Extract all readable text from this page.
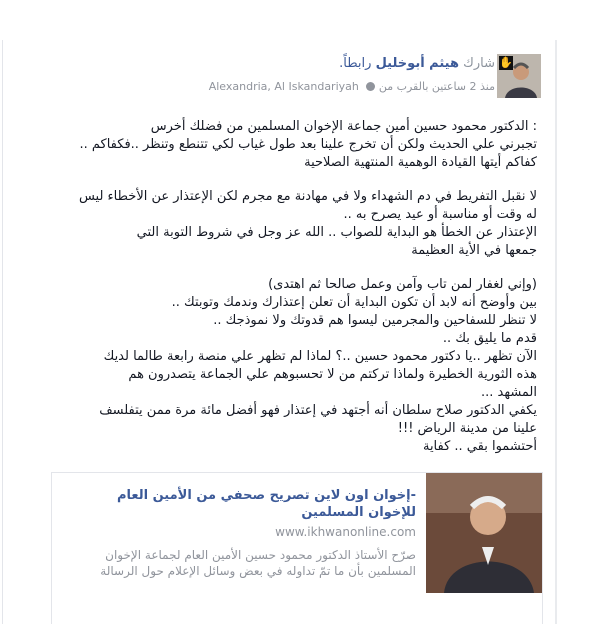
✋
شارك هيثم أبوخليل رابطاً.
منذ 2 ساعتين بالقرب من  Alexandria, Al Iskandariyah

: الدكتور محمود حسين أمين جماعة الإخوان المسلمين من فضلك أخرس
تجبرني علي الحديث ولكن أن تخرج علينا بعد طول غياب لكي تتنطع وتنظر ..فكفاكم ..
كفاكم أيتها القيادة الوهمية المنتهية الصلاحية

لا نقبل التفريط في دم الشهداء ولا في مهادنة مع مجرم لكن الإعتذار عن الأخطاء ليس
له وقت أو مناسبة أو عيد يصرح به ..
الإعتذار عن الخطأ هو البداية للصواب .. الله عز وجل في شروط التوبة التي
جمعها في الأية العظيمة

(وإني لغفار لمن تاب وآمن وعمل صالحا ثم اهتدى)
بين وأوضح أنه لابد أن تكون البداية أن تعلن إعتذارك وندمك وتوبتك ..
لا تنظر للسفاحين والمجرمين ليسوا هم قدوتك ولا نموذجك ..
قدم ما يليق بك ..
الآن تظهر ..يا دكتور محمود حسين ..؟ لماذا لم تظهر علي منصة رابعة طالما لديك
هذه الثورية الخطيرة ولماذا تركتم من لا تحسبوهم علي الجماعة يتصدرون هم
المشهد ...
يكفي الدكتور صلاح سلطان أنه أجتهد في إعتذار فهو أفضل مائة مرة ممن يتفلسف
علينا من مدينة الرياض !!!
أحتشموا بقي .. كفاية

-إخوان اون لاين تصريح صحفي من الأمين العام للإخوان المسلمين
www.ikhwanonline.com
صرّح الأستاذ الدكتور محمود حسين الأمين العام لجماعة الإخوان المسلمين بأن ما تمّ تداوله في بعض وسائل الإعلام حول الرسالة
